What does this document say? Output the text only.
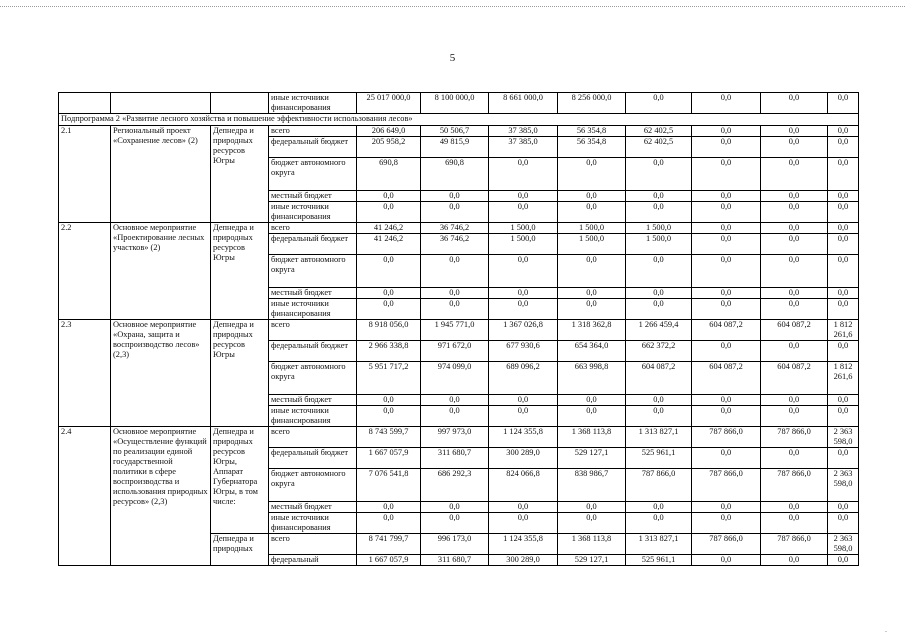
5
			иные источники финансирования	25 017 000,0	8 100 000,0	8 661 000,0	8 256 000,0	0,0	0,0	0,0	0,0	
Подпрограмма 2 «Развитие лесного хозяйства и повышение эффективности использования лесов»												
2.1	Региональный проект «Сохранение лесов» (2)	Депнедра и природных ресурсов Югры	всего	206 649,0	50 506,7	37 385,0	56 354,8	62 402,5	0,0	0,0	0,0	
			федеральный бюджет	205 958,2	49 815,9	37 385,0	56 354,8	62 402,5	0,0	0,0	0,0	
			бюджет автономного округа	690,8	690,8	0,0	0,0	0,0	0,0	0,0	0,0	
			местный бюджет	0,0	0,0	0,0	0,0	0,0	0,0	0,0	0,0	
			иные источники финансирования	0,0	0,0	0,0	0,0	0,0	0,0	0,0	0,0	
2.2	Основное мероприятие «Проектирование лесных участков» (2)	Депнедра и природных ресурсов Югры	всего	41 246,2	36 746,2	1 500,0	1 500,0	1 500,0	0,0	0,0	0,0	
			федеральный бюджет	41 246,2	36 746,2	1 500,0	1 500,0	1 500,0	0,0	0,0	0,0	
			бюджет автономного округа	0,0	0,0	0,0	0,0	0,0	0,0	0,0	0,0	
			местный бюджет	0,0	0,0	0,0	0,0	0,0	0,0	0,0	0,0	
			иные источники финансирования	0,0	0,0	0,0	0,0	0,0	0,0	0,0	0,0	
2.3	Основное мероприятие «Охрана, защита и воспроизводство лесов» (2,3)	Депнедра и природных ресурсов Югры	всего	8 918 056,0	1 945 771,0	1 367 026,8	1 318 362,8	1 266 459,4	604 087,2	604 087,2	1 812 261,6	
			федеральный бюджет	2 966 338,8	971 672,0	677 930,6	654 364,0	662 372,2	0,0	0,0	0,0	
			бюджет автономного округа	5 951 717,2	974 099,0	689 096,2	663 998,8	604 087,2	604 087,2	604 087,2	1 812 261,6	
			местный бюджет	0,0	0,0	0,0	0,0	0,0	0,0	0,0	0,0	
			иные источники финансирования	0,0	0,0	0,0	0,0	0,0	0,0	0,0	0,0	
2.4	Основное мероприятие «Осуществление функций по реализации единой государственной политики в сфере воспроизводства и использования природных ресурсов» (2,3)	Депнедра и природных ресурсов Югры, Аппарат Губернатора Югры, в том числе:	всего	8 743 599,7	997 973,0	1 124 355,8	1 368 113,8	1 313 827,1	787 866,0	787 866,0	2 363 598,0	
			федеральный бюджет	1 667 057,9	311 680,7	300 289,0	529 127,1	525 961,1	0,0	0,0	0,0	
			бюджет автономного округа	7 076 541,8	686 292,3	824 066,8	838 986,7	787 866,0	787 866,0	787 866,0	2 363 598,0	
			местный бюджет	0,0	0,0	0,0	0,0	0,0	0,0	0,0	0,0	
			иные источники финансирования	0,0	0,0	0,0	0,0	0,0	0,0	0,0	0,0	
		Депнедра и природных	всего	8 741 799,7	996 173,0	1 124 355,8	1 368 113,8	1 313 827,1	787 866,0	787 866,0	2 363 598,0	
			федеральный	1 667 057,9	311 680,7	300 289,0	529 127,1	525 961,1	0,0	0,0	0,0	
.
